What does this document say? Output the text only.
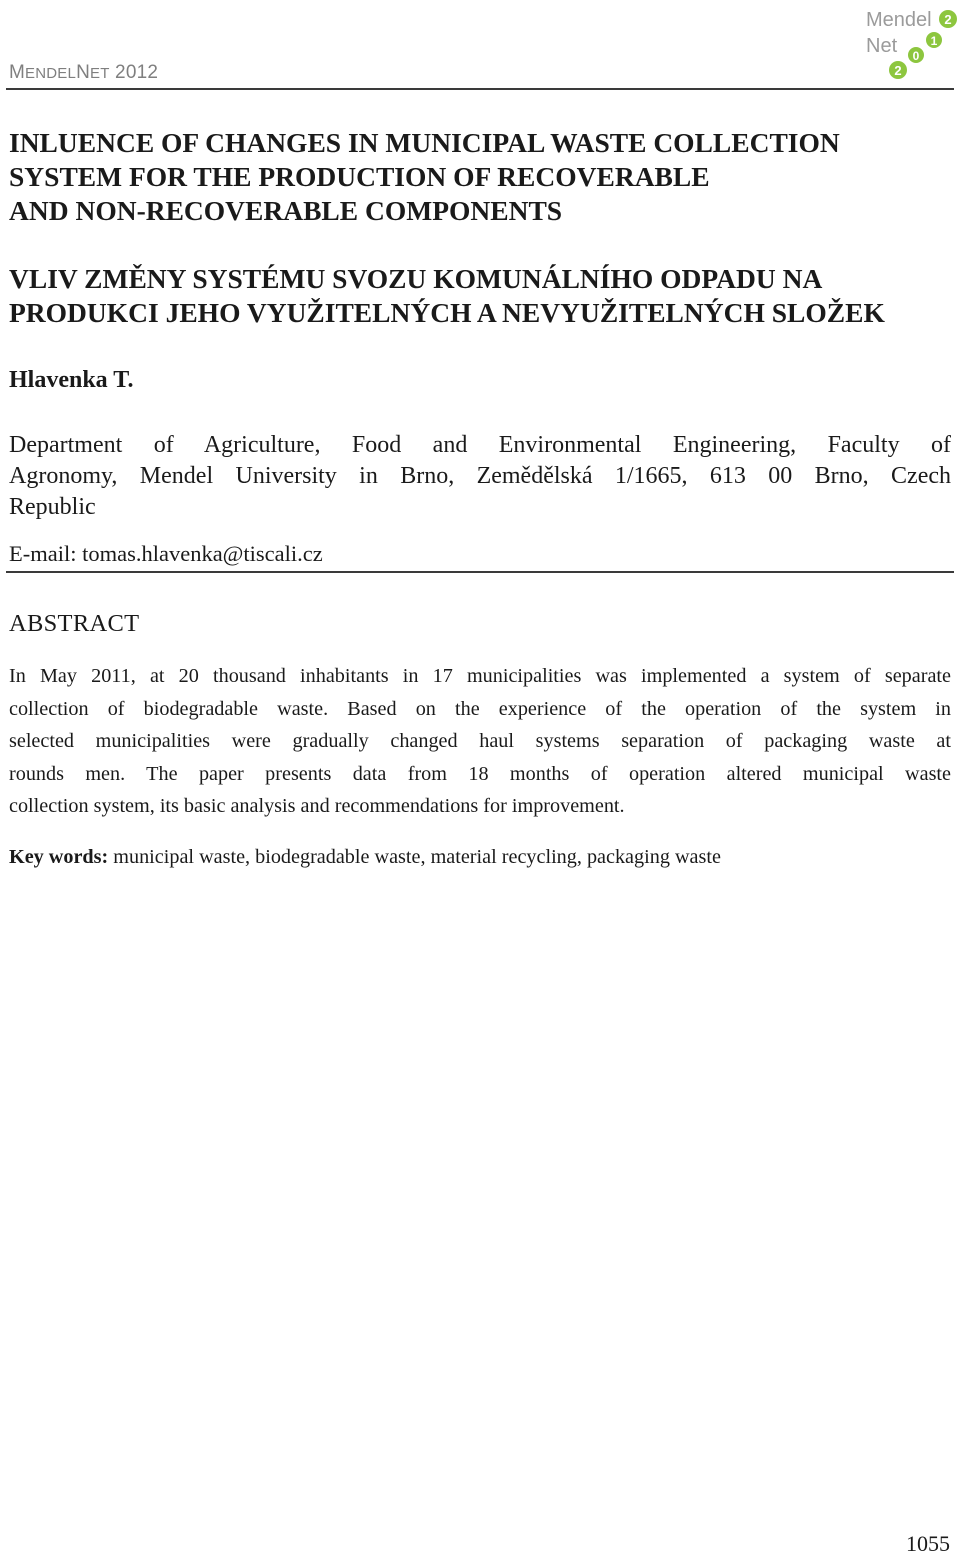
MENDELNET 2012
Mendel
Net
2
1
0
2
INLUENCE OF CHANGES IN MUNICIPAL WASTE COLLECTION
SYSTEM FOR THE PRODUCTION OF RECOVERABLE
AND NON-RECOVERABLE COMPONENTS
VLIV ZMĚNY SYSTÉMU SVOZU KOMUNÁLNÍHO ODPADU NA
PRODUKCI JEHO VYUŽITELNÝCH A NEVYUŽITELNÝCH SLOŽEK
Hlavenka T.
Department of Agriculture, Food and Environmental Engineering, Faculty of
Agronomy, Mendel University in Brno, Zemědělská 1/1665, 613 00 Brno, Czech
Republic
E-mail: tomas.hlavenka@tiscali.cz
ABSTRACT
In May 2011, at 20 thousand inhabitants in 17 municipalities was implemented a system of separate
collection of biodegradable waste. Based on the experience of the operation of the system in
selected municipalities were gradually changed haul systems separation of packaging waste at
rounds men. The paper presents data from 18 months of operation altered municipal waste
collection system, its basic analysis and recommendations for improvement.
Key words: municipal waste, biodegradable waste, material recycling, packaging waste
1055
